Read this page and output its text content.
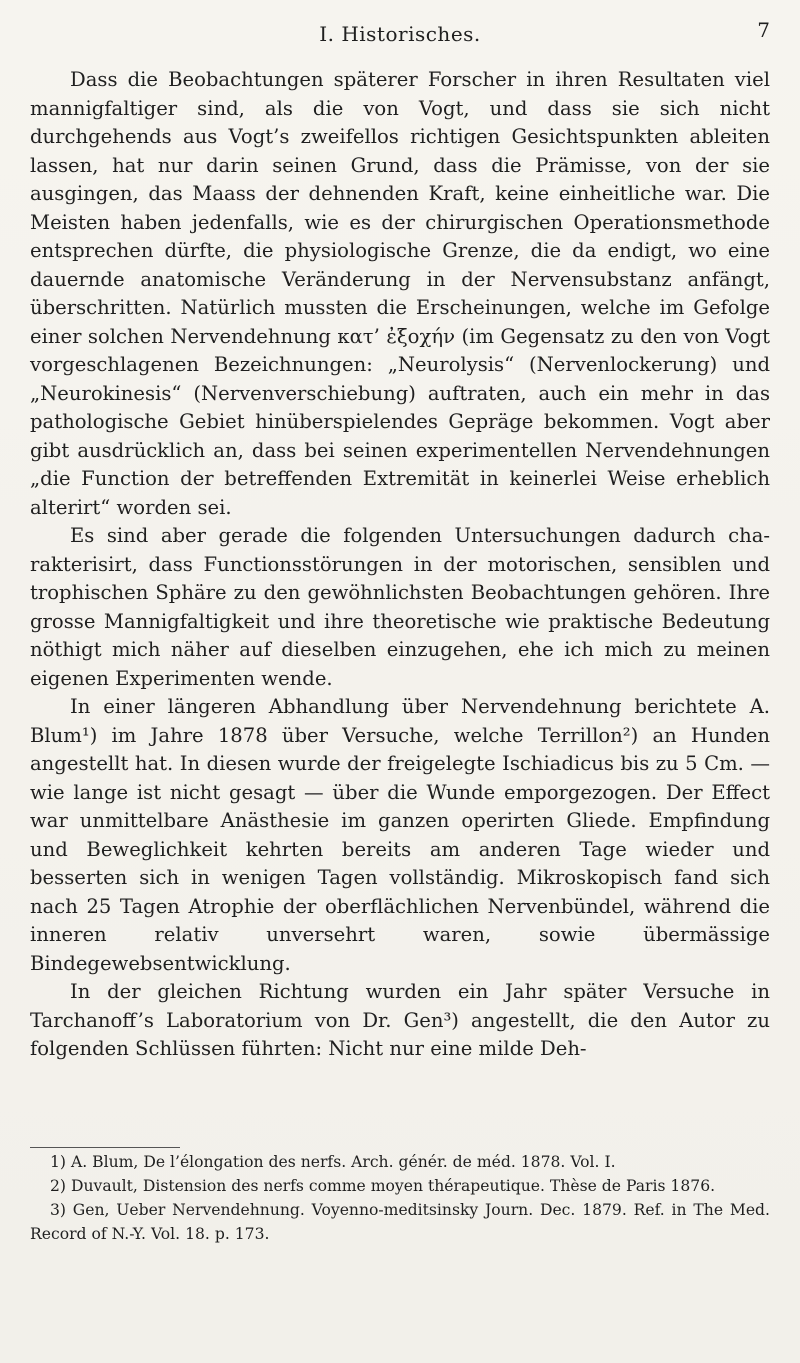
I. Historisches.	7

Dass die Beobachtungen späterer Forscher in ihren Resultaten viel mannigfaltiger sind, als die von Vogt, und dass sie sich nicht durchgehends aus Vogt’s zweifellos richtigen Gesichtspunkten ableiten lassen, hat nur darin seinen Grund, dass die Prämisse, von der sie ausgingen, das Maass der dehnenden Kraft, keine einheitliche war. Die Meisten haben jedenfalls, wie es der chirurgischen Operationsmethode entsprechen dürfte, die physiologische Grenze, die da endigt, wo eine dauernde anatomische Veränderung in der Nervensubstanz anfängt, überschritten. Natürlich mussten die Erscheinungen, welche im Gefolge einer solchen Nervendehnung κατ’ ἐξοχήν (im Gegensatz zu den von Vogt vorgeschlagenen Bezeichnungen: „Neurolysis“ (Nervenlockerung) und „Neurokinesis“ (Nervenverschiebung) auftraten, auch ein mehr in das pathologische Gebiet hinüberspielendes Gepräge bekommen. Vogt aber gibt ausdrücklich an, dass bei seinen experimentellen Nervendehnungen „die Function der betreffenden Extremität in keinerlei Weise erheblich alterirt“ worden sei.

Es sind aber gerade die folgenden Untersuchungen dadurch charakterisirt, dass Functionsstörungen in der motorischen, sensiblen und trophischen Sphäre zu den gewöhnlichsten Beobachtungen gehören. Ihre grosse Mannigfaltigkeit und ihre theoretische wie praktische Bedeutung nöthigt mich näher auf dieselben einzugehen, ehe ich mich zu meinen eigenen Experimenten wende.

In einer längeren Abhandlung über Nervendehnung berichtete A. Blum¹) im Jahre 1878 über Versuche, welche Terrillon²) an Hunden angestellt hat. In diesen wurde der freigelegte Ischiadicus bis zu 5 Cm. — wie lange ist nicht gesagt — über die Wunde emporgezogen. Der Effect war unmittelbare Anästhesie im ganzen operirten Gliede. Empfindung und Beweglichkeit kehrten bereits am anderen Tage wieder und besserten sich in wenigen Tagen vollständig. Mikroskopisch fand sich nach 25 Tagen Atrophie der oberflächlichen Nervenbündel, während die inneren relativ unversehrt waren, sowie übermässige Bindegewebsentwicklung.

In der gleichen Richtung wurden ein Jahr später Versuche in Tarchanoff’s Laboratorium von Dr. Gen³) angestellt, die den Autor zu folgenden Schlüssen führten: Nicht nur eine milde Deh-

1) A. Blum, De l’élongation des nerfs. Arch. génér. de méd. 1878. Vol. I.

2) Duvault, Distension des nerfs comme moyen thérapeutique. Thèse de Paris 1876.

3) Gen, Ueber Nervendehnung. Voyenno-meditsinsky Journ. Dec. 1879. Ref. in The Med. Record of N.-Y. Vol. 18. p. 173.
